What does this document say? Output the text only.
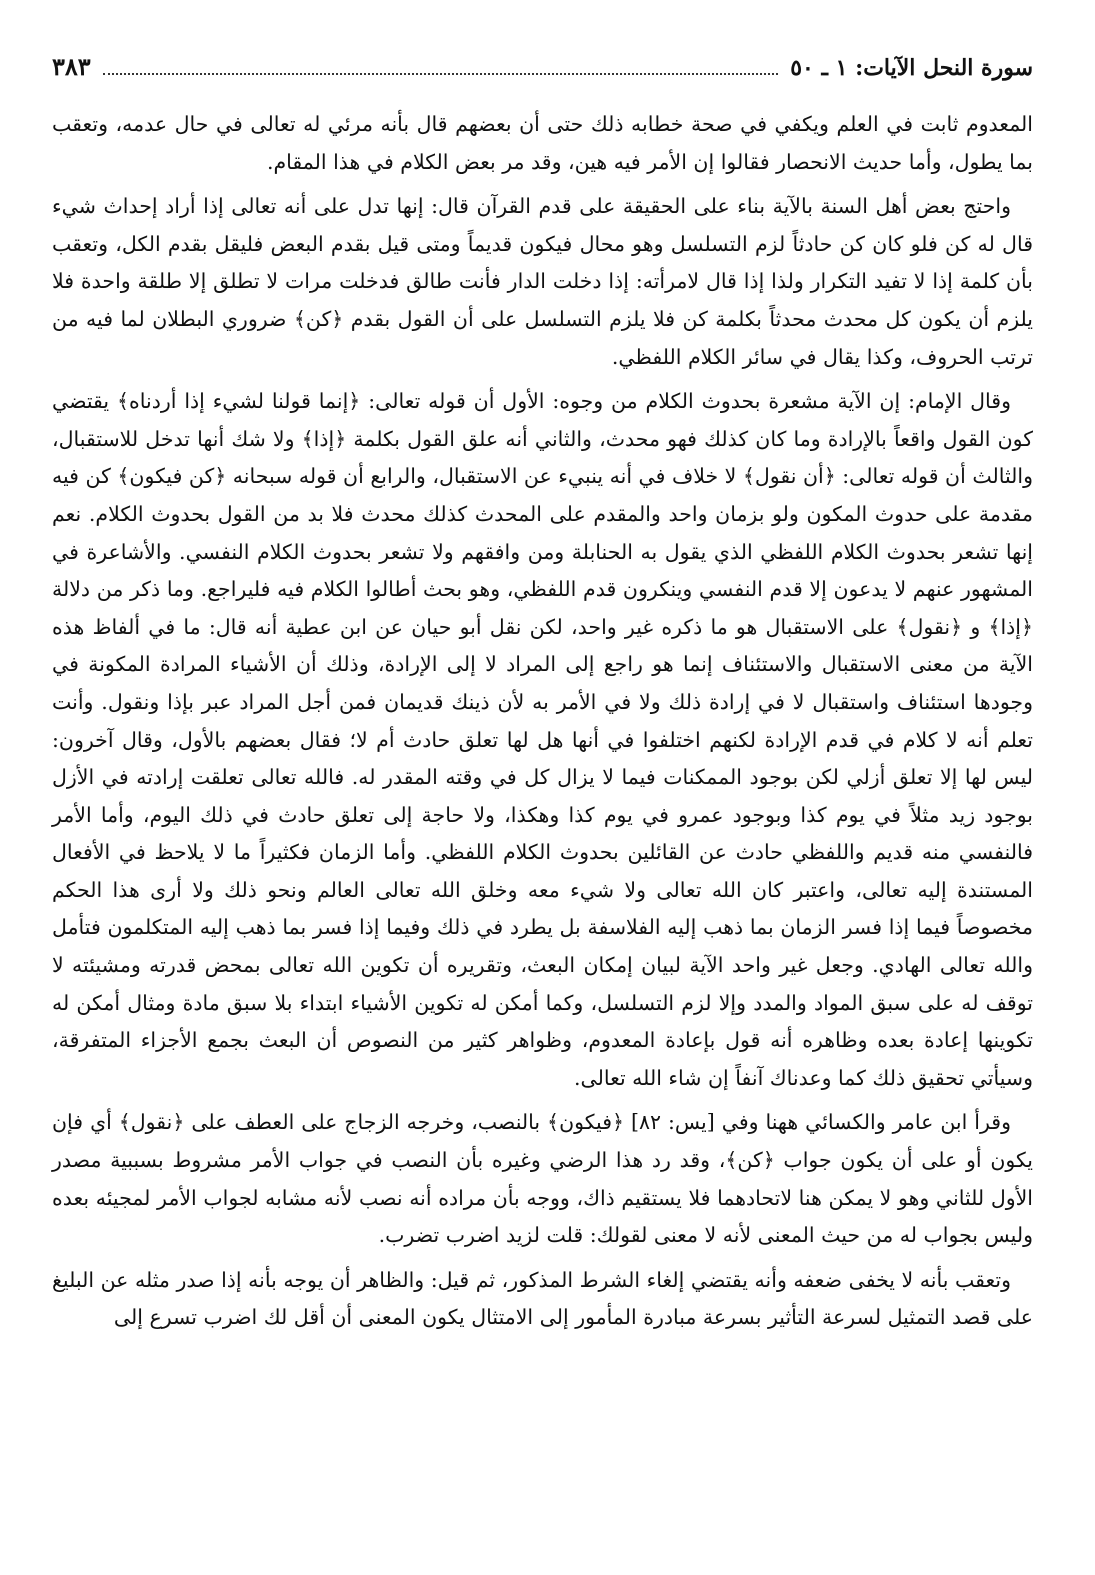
سورة النحل الآيات: ١ ـ ٥٠
٣٨٣

المعدوم ثابت في العلم ويكفي في صحة خطابه ذلك حتى أن بعضهم قال بأنه مرئي له تعالى في حال عدمه، وتعقب بما يطول، وأما حديث الانحصار فقالوا إن الأمر فيه هين، وقد مر بعض الكلام في هذا المقام.

واحتج بعض أهل السنة بالآية بناء على الحقيقة على قدم القرآن قال: إنها تدل على أنه تعالى إذا أراد إحداث شيء قال له كن فلو كان كن حادثاً لزم التسلسل وهو محال فيكون قديماً ومتى قيل بقدم البعض فليقل بقدم الكل، وتعقب بأن كلمة إذا لا تفيد التكرار ولذا إذا قال لامرأته: إذا دخلت الدار فأنت طالق فدخلت مرات لا تطلق إلا طلقة واحدة فلا يلزم أن يكون كل محدث محدثاً بكلمة كن فلا يلزم التسلسل على أن القول بقدم ﴿كن﴾ ضروري البطلان لما فيه من ترتب الحروف، وكذا يقال في سائر الكلام اللفظي.

وقال الإمام: إن الآية مشعرة بحدوث الكلام من وجوه: الأول أن قوله تعالى: ﴿إنما قولنا لشيء إذا أردناه﴾ يقتضي كون القول واقعاً بالإرادة وما كان كذلك فهو محدث، والثاني أنه علق القول بكلمة ﴿إذا﴾ ولا شك أنها تدخل للاستقبال، والثالث أن قوله تعالى: ﴿أن نقول﴾ لا خلاف في أنه ينبيء عن الاستقبال، والرابع أن قوله سبحانه ﴿كن فيكون﴾ كن فيه مقدمة على حدوث المكون ولو بزمان واحد والمقدم على المحدث كذلك محدث فلا بد من القول بحدوث الكلام. نعم إنها تشعر بحدوث الكلام اللفظي الذي يقول به الحنابلة ومن وافقهم ولا تشعر بحدوث الكلام النفسي. والأشاعرة في المشهور عنهم لا يدعون إلا قدم النفسي وينكرون قدم اللفظي، وهو بحث أطالوا الكلام فيه فليراجع. وما ذكر من دلالة ﴿إذا﴾ و ﴿نقول﴾ على الاستقبال هو ما ذكره غير واحد، لكن نقل أبو حيان عن ابن عطية أنه قال: ما في ألفاظ هذه الآية من معنى الاستقبال والاستئناف إنما هو راجع إلى المراد لا إلى الإرادة، وذلك أن الأشياء المرادة المكونة في وجودها استئناف واستقبال لا في إرادة ذلك ولا في الأمر به لأن ذينك قديمان فمن أجل المراد عبر بإذا ونقول. وأنت تعلم أنه لا كلام في قدم الإرادة لكنهم اختلفوا في أنها هل لها تعلق حادث أم لا؛ فقال بعضهم بالأول، وقال آخرون: ليس لها إلا تعلق أزلي لكن بوجود الممكنات فيما لا يزال كل في وقته المقدر له. فالله تعالى تعلقت إرادته في الأزل بوجود زيد مثلاً في يوم كذا وبوجود عمرو في يوم كذا وهكذا، ولا حاجة إلى تعلق حادث في ذلك اليوم، وأما الأمر فالنفسي منه قديم واللفظي حادث عن القائلين بحدوث الكلام اللفظي. وأما الزمان فكثيراً ما لا يلاحظ في الأفعال المستندة إليه تعالى، واعتبر كان الله تعالى ولا شيء معه وخلق الله تعالى العالم ونحو ذلك ولا أرى هذا الحكم مخصوصاً فيما إذا فسر الزمان بما ذهب إليه الفلاسفة بل يطرد في ذلك وفيما إذا فسر بما ذهب إليه المتكلمون فتأمل والله تعالى الهادي. وجعل غير واحد الآية لبيان إمكان البعث، وتقريره أن تكوين الله تعالى بمحض قدرته ومشيئته لا توقف له على سبق المواد والمدد وإلا لزم التسلسل، وكما أمكن له تكوين الأشياء ابتداء بلا سبق مادة ومثال أمكن له تكوينها إعادة بعده وظاهره أنه قول بإعادة المعدوم، وظواهر كثير من النصوص أن البعث بجمع الأجزاء المتفرقة، وسيأتي تحقيق ذلك كما وعدناك آنفاً إن شاء الله تعالى.

وقرأ ابن عامر والكسائي ههنا وفي [يس: ٨٢] ﴿فيكون﴾ بالنصب، وخرجه الزجاج على العطف على ﴿نقول﴾ أي فإن يكون أو على أن يكون جواب ﴿كن﴾، وقد رد هذا الرضي وغيره بأن النصب في جواب الأمر مشروط بسببية مصدر الأول للثاني وهو لا يمكن هنا لاتحادهما فلا يستقيم ذاك، ووجه بأن مراده أنه نصب لأنه مشابه لجواب الأمر لمجيئه بعده وليس بجواب له من حيث المعنى لأنه لا معنى لقولك: قلت لزيد اضرب تضرب.

وتعقب بأنه لا يخفى ضعفه وأنه يقتضي إلغاء الشرط المذكور، ثم قيل: والظاهر أن يوجه بأنه إذا صدر مثله عن البليغ على قصد التمثيل لسرعة التأثير بسرعة مبادرة المأمور إلى الامتثال يكون المعنى أن أقل لك اضرب تسرع إلى
